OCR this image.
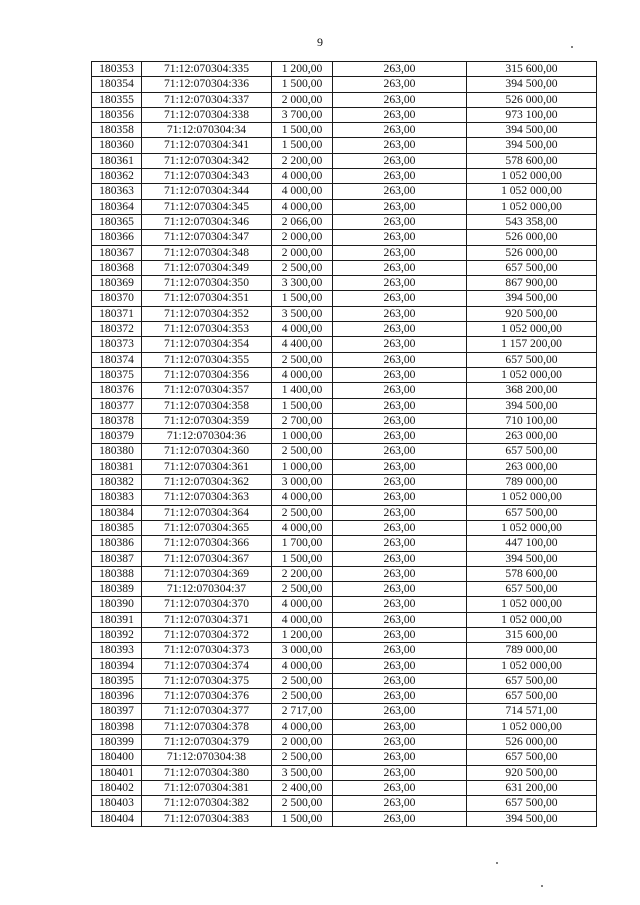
9
180353	71:12:070304:335	1 200,00	263,00	315 600,00
180354	71:12:070304:336	1 500,00	263,00	394 500,00
180355	71:12:070304:337	2 000,00	263,00	526 000,00
180356	71:12:070304:338	3 700,00	263,00	973 100,00
180358	71:12:070304:34	1 500,00	263,00	394 500,00
180360	71:12:070304:341	1 500,00	263,00	394 500,00
180361	71:12:070304:342	2 200,00	263,00	578 600,00
180362	71:12:070304:343	4 000,00	263,00	1 052 000,00
180363	71:12:070304:344	4 000,00	263,00	1 052 000,00
180364	71:12:070304:345	4 000,00	263,00	1 052 000,00
180365	71:12:070304:346	2 066,00	263,00	543 358,00
180366	71:12:070304:347	2 000,00	263,00	526 000,00
180367	71:12:070304:348	2 000,00	263,00	526 000,00
180368	71:12:070304:349	2 500,00	263,00	657 500,00
180369	71:12:070304:350	3 300,00	263,00	867 900,00
180370	71:12:070304:351	1 500,00	263,00	394 500,00
180371	71:12:070304:352	3 500,00	263,00	920 500,00
180372	71:12:070304:353	4 000,00	263,00	1 052 000,00
180373	71:12:070304:354	4 400,00	263,00	1 157 200,00
180374	71:12:070304:355	2 500,00	263,00	657 500,00
180375	71:12:070304:356	4 000,00	263,00	1 052 000,00
180376	71:12:070304:357	1 400,00	263,00	368 200,00
180377	71:12:070304:358	1 500,00	263,00	394 500,00
180378	71:12:070304:359	2 700,00	263,00	710 100,00
180379	71:12:070304:36	1 000,00	263,00	263 000,00
180380	71:12:070304:360	2 500,00	263,00	657 500,00
180381	71:12:070304:361	1 000,00	263,00	263 000,00
180382	71:12:070304:362	3 000,00	263,00	789 000,00
180383	71:12:070304:363	4 000,00	263,00	1 052 000,00
180384	71:12:070304:364	2 500,00	263,00	657 500,00
180385	71:12:070304:365	4 000,00	263,00	1 052 000,00
180386	71:12:070304:366	1 700,00	263,00	447 100,00
180387	71:12:070304:367	1 500,00	263,00	394 500,00
180388	71:12:070304:369	2 200,00	263,00	578 600,00
180389	71:12:070304:37	2 500,00	263,00	657 500,00
180390	71:12:070304:370	4 000,00	263,00	1 052 000,00
180391	71:12:070304:371	4 000,00	263,00	1 052 000,00
180392	71:12:070304:372	1 200,00	263,00	315 600,00
180393	71:12:070304:373	3 000,00	263,00	789 000,00
180394	71:12:070304:374	4 000,00	263,00	1 052 000,00
180395	71:12:070304:375	2 500,00	263,00	657 500,00
180396	71:12:070304:376	2 500,00	263,00	657 500,00
180397	71:12:070304:377	2 717,00	263,00	714 571,00
180398	71:12:070304:378	4 000,00	263,00	1 052 000,00
180399	71:12:070304:379	2 000,00	263,00	526 000,00
180400	71:12:070304:38	2 500,00	263,00	657 500,00
180401	71:12:070304:380	3 500,00	263,00	920 500,00
180402	71:12:070304:381	2 400,00	263,00	631 200,00
180403	71:12:070304:382	2 500,00	263,00	657 500,00
180404	71:12:070304:383	1 500,00	263,00	394 500,00
